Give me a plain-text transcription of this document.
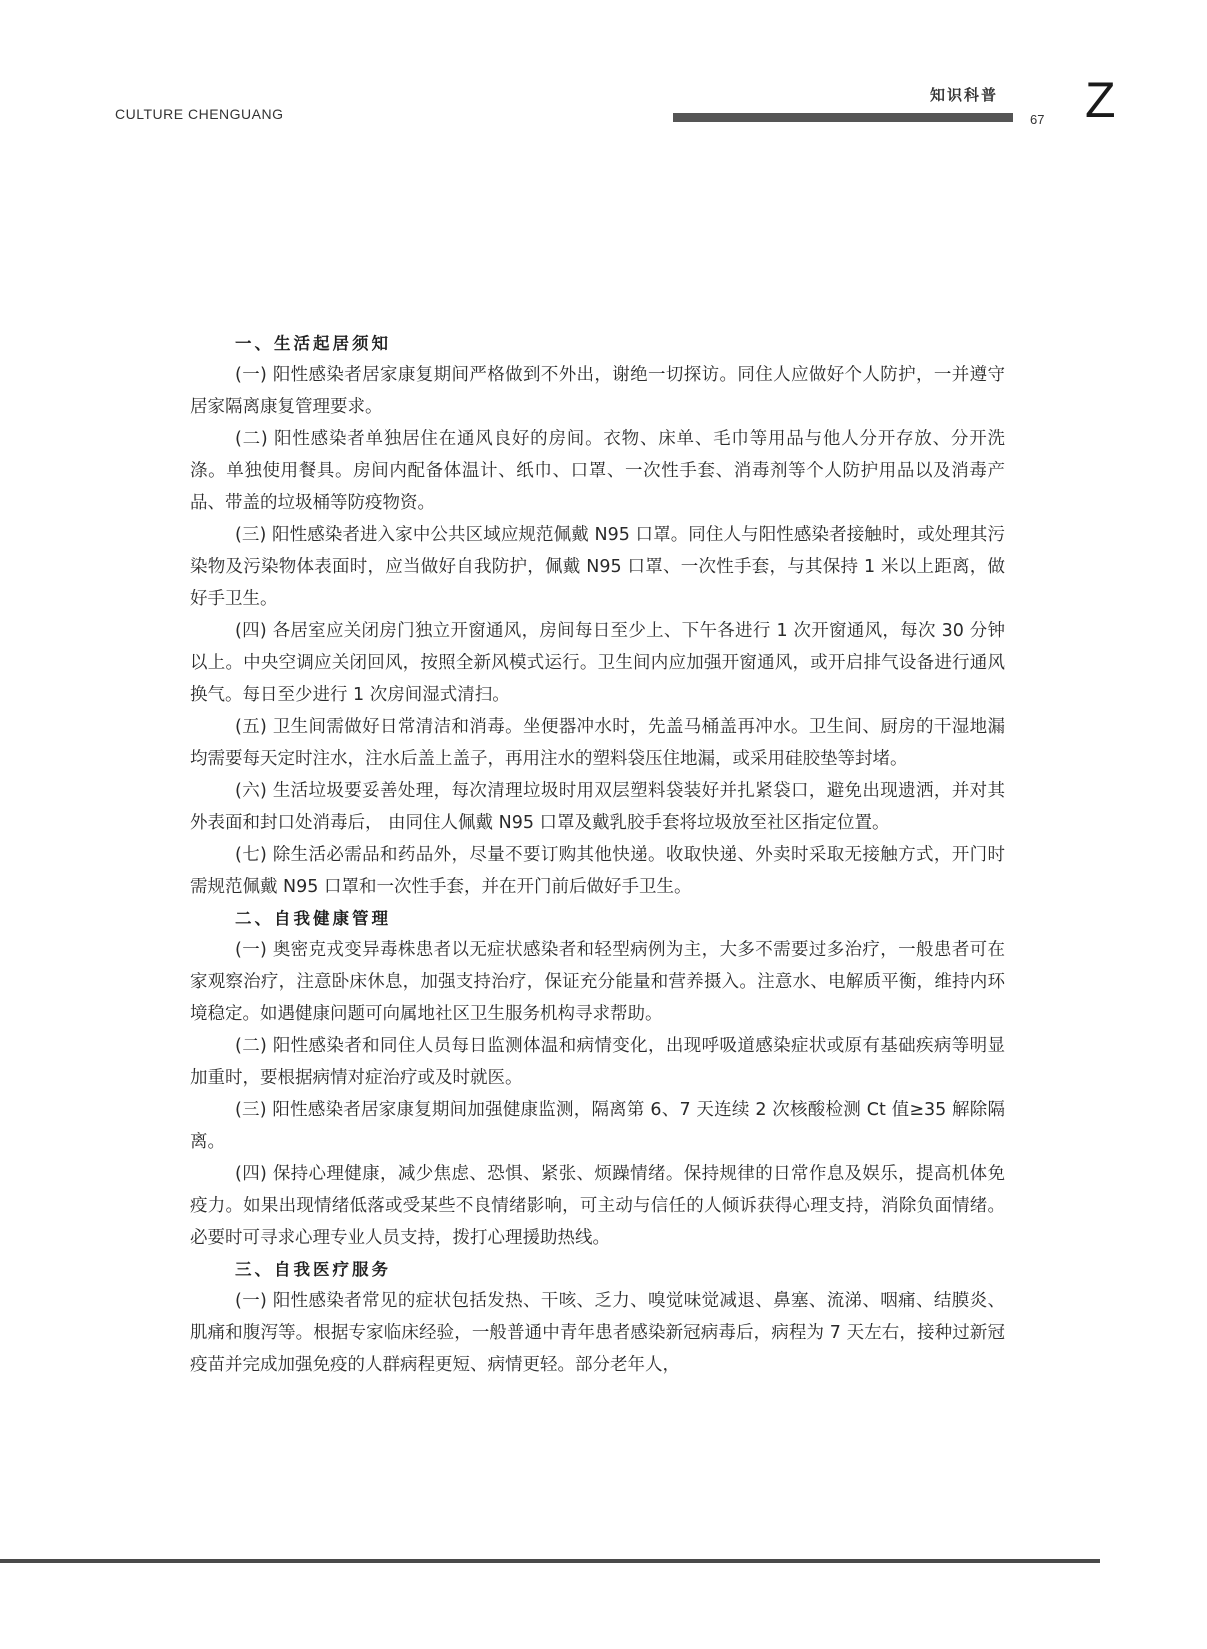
CULTURE CHENGUANG
知识科普
67 Z
一、生活起居须知

(一) 阳性感染者居家康复期间严格做到不外出，谢绝一切探访。同住人应做好个人防护，一并遵守居家隔离康复管理要求。

(二) 阳性感染者单独居住在通风良好的房间。衣物、床单、毛巾等用品与他人分开存放、分开洗涤。单独使用餐具。房间内配备体温计、纸巾、口罩、一次性手套、消毒剂等个人防护用品以及消毒产品、带盖的垃圾桶等防疫物资。

(三) 阳性感染者进入家中公共区域应规范佩戴 N95 口罩。同住人与阳性感染者接触时，或处理其污染物及污染物体表面时，应当做好自我防护，佩戴 N95 口罩、一次性手套，与其保持 1 米以上距离，做好手卫生。

(四) 各居室应关闭房门独立开窗通风，房间每日至少上、下午各进行 1 次开窗通风，每次 30 分钟以上。中央空调应关闭回风，按照全新风模式运行。卫生间内应加强开窗通风，或开启排气设备进行通风换气。每日至少进行 1 次房间湿式清扫。

(五) 卫生间需做好日常清洁和消毒。坐便器冲水时，先盖马桶盖再冲水。卫生间、厨房的干湿地漏均需要每天定时注水，注水后盖上盖子，再用注水的塑料袋压住地漏，或采用硅胶垫等封堵。

(六) 生活垃圾要妥善处理，每次清理垃圾时用双层塑料袋装好并扎紧袋口，避免出现遗洒，并对其外表面和封口处消毒后， 由同住人佩戴 N95 口罩及戴乳胶手套将垃圾放至社区指定位置。

(七) 除生活必需品和药品外，尽量不要订购其他快递。收取快递、外卖时采取无接触方式，开门时需规范佩戴 N95 口罩和一次性手套，并在开门前后做好手卫生。

二、自我健康管理

(一) 奥密克戎变异毒株患者以无症状感染者和轻型病例为主，大多不需要过多治疗，一般患者可在家观察治疗，注意卧床休息，加强支持治疗，保证充分能量和营养摄入。注意水、电解质平衡，维持内环境稳定。如遇健康问题可向属地社区卫生服务机构寻求帮助。

(二) 阳性感染者和同住人员每日监测体温和病情变化，出现呼吸道感染症状或原有基础疾病等明显加重时，要根据病情对症治疗或及时就医。

(三) 阳性感染者居家康复期间加强健康监测，隔离第 6、7 天连续 2 次核酸检测 Ct 值≥35 解除隔离。

(四) 保持心理健康，减少焦虑、恐惧、紧张、烦躁情绪。保持规律的日常作息及娱乐，提高机体免疫力。如果出现情绪低落或受某些不良情绪影响，可主动与信任的人倾诉获得心理支持，消除负面情绪。必要时可寻求心理专业人员支持，拨打心理援助热线。

三、自我医疗服务

(一) 阳性感染者常见的症状包括发热、干咳、乏力、嗅觉味觉减退、鼻塞、流涕、咽痛、结膜炎、肌痛和腹泻等。根据专家临床经验，一般普通中青年患者感染新冠病毒后，病程为 7 天左右，接种过新冠疫苗并完成加强免疫的人群病程更短、病情更轻。部分老年人，
